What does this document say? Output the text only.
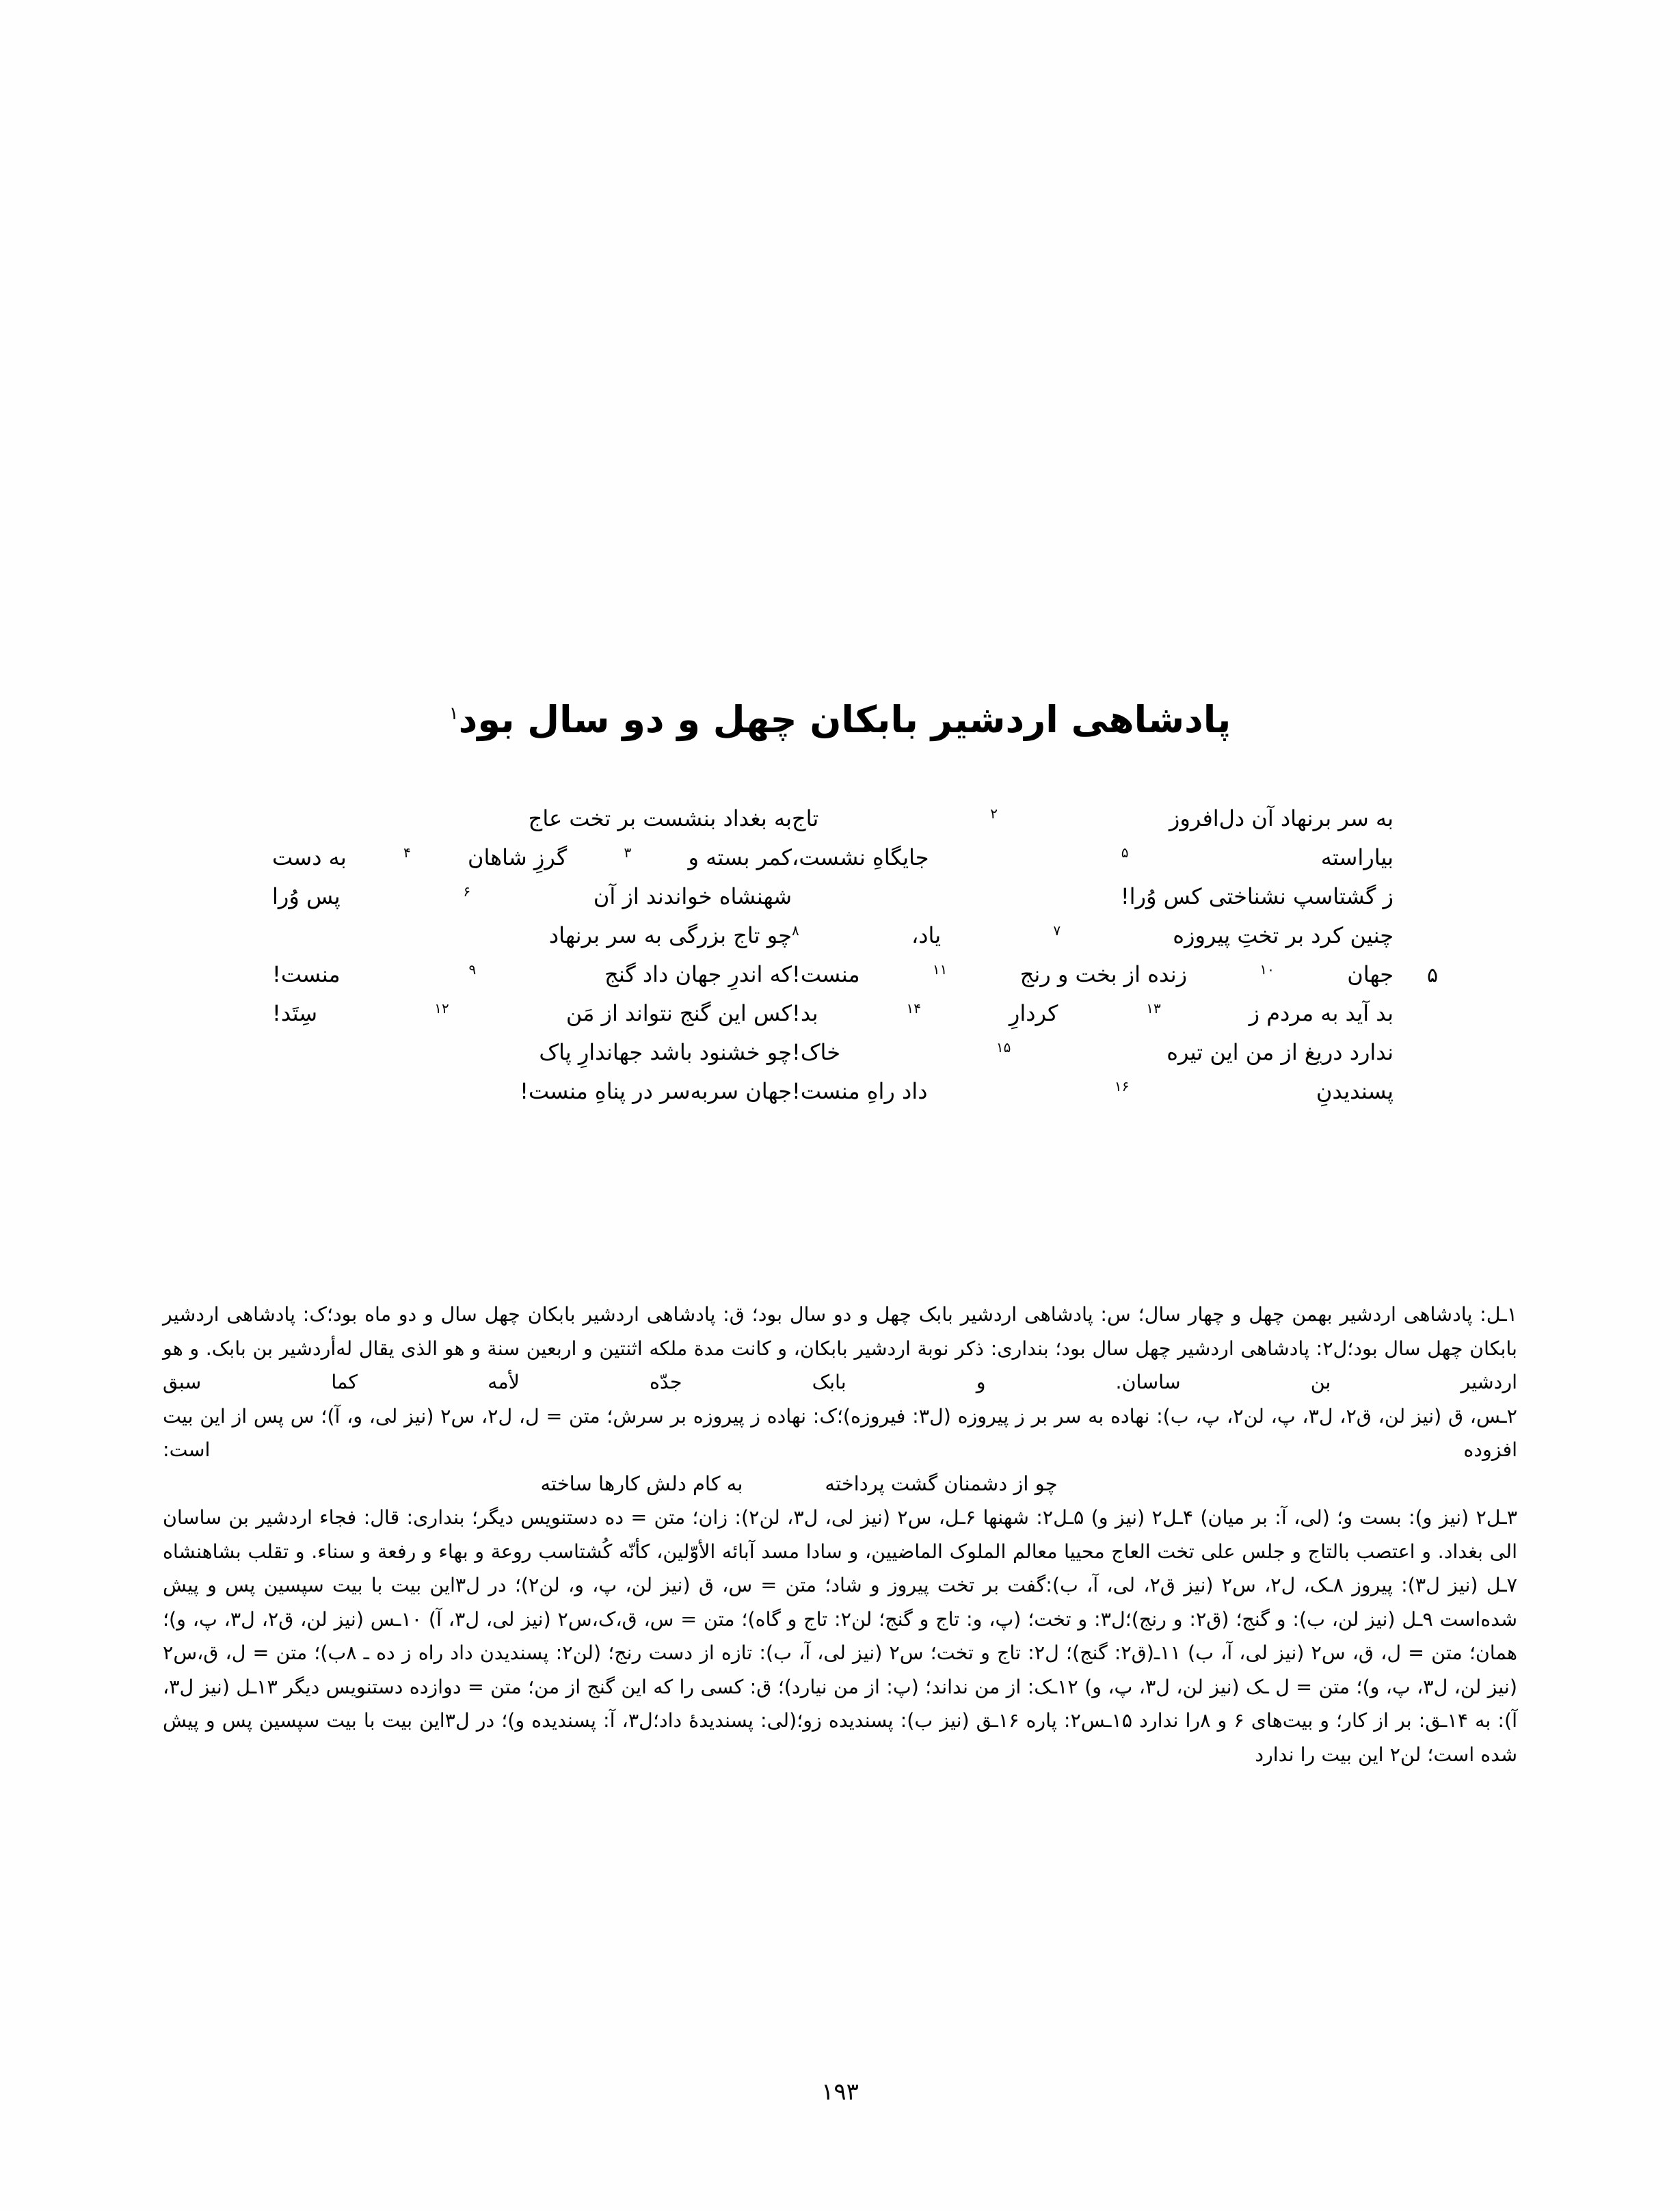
پادشاهی اردشیر بابکان چهل و دو سال بود$^۱$
به سر برنهاد آن دل‌افروز
۲
تاج
به بغداد بنشست بر تخت عاج
بیاراسته
۵
جایگاهِ نشست،
کمر بسته و
۳
گرزِ شاهان
۴
به دست
ز گشتاسپ نشناختی کس وُرا!
شهنشاه خواندند از آن
۶
پس وُرا
چنین کرد بر تختِ پیروزه
۷
یاد،
۸
چو تاج بزرگی به سر برنهاد
۵
جهان
۱۰
زنده از بخت و رنج
۱۱
منست!
که اندرِ جهان داد گنج
۹
منست!
بد آید به مردم ز
۱۳
کردارِ
۱۴
بد!
کس این گنج نتواند از مَن
۱۲
سِتَد!
ندارد دریغ از من این تیره
۱۵
خاک!
چو خشنود باشد جهاندارِ پاک
پسندیدنِ
۱۶
داد راهِ منست!
جهان سربه‌سر در پناهِ منست!

۱ـل: پادشاهی اردشیر بهمن چهل و چهار سال؛ س: پادشاهی اردشیر بابک چهل و دو سال بود؛ ق: پادشاهی اردشیر بابکان چهل سال و دو ماه بود؛ک: پادشاهی اردشیر بابکان چهل سال بود؛ل۲: پادشاهی اردشیر چهل سال بود؛ بنداری: ذکر نوبة اردشیر بابکان، و کانت مدة ملکه اثنتین و اربعین سنة و هو الذی یقال له‌أردشیر بن بابک. و هو اردشیر بن ساسان. و بابک جدّه لأمه کما سبق

۲ـس، ق (نیز لن، ق۲، ل۳، پ، لن۲، پ، ب): نهاده به سر بر ز پیروزه (ل۳: فیروزه)؛ک: نهاده ز پیروزه بر سرش؛ متن = ل، ل۲، س۲ (نیز لی، و، آ)؛ س پس از این بیت افزوده است:

چو از دشمنان گشت پرداخته
به کام دلش کارها ساخته

۳ـل۲ (نیز و): بست و؛ (لی، آ: بر میان) ۴ـل۲ (نیز و) ۵ـل۲: شهنها ۶ـل، س۲ (نیز لی، ل۳، لن۲): زان؛ متن = ده دستنویس دیگر؛ بنداری: قال: فجاء اردشیر بن ساسان الی بغداد. و اعتصب بالتاج و جلس علی تخت العاج محییا معالم الملوک الماضیین، و سادا مسد آبائه الأوّلین، کأنّه کُشتاسب روعة و بهاء و رفعة و سناء. و تقلب بشاهنشاه ۷ـل (نیز ل۳): پیروز ۸ـک، ل۲، س۲ (نیز ق۲، لی، آ، ب):گفت بر تخت پیروز و شاد؛ متن = س، ق (نیز لن، پ، و، لن۲)؛ در ل۳این بیت با بیت سپسین پس و پیش شده‌است ۹ـل (نیز لن، ب): و گنج؛ (ق۲: و رنج)؛ل۳: و تخت؛ (پ، و: تاج و گنج؛ لن۲: تاج و گاه)؛ متن = س، ق،ک،س۲ (نیز لی، ل۳، آ) ۱۰ـس (نیز لن، ق۲، ل۳، پ، و)؛ همان؛ متن = ل، ق، س۲ (نیز لی، آ، ب) ۱۱ـ(ق۲: گنج)؛ ل۲: تاج و تخت؛ س۲ (نیز لی، آ، ب): تازه از دست رنج؛ (لن۲: پسندیدن داد راه ز ده ـ ۸ب)؛ متن = ل، ق،س۲ (نیز لن، ل۳، پ، و)؛ متن = ل ـک (نیز لن، ل۳، پ، و) ۱۲ـک: از من نداند؛ (پ: از من نیارد)؛ ق: کسی را که این گنج از من؛ متن = دوازده دستنویس دیگر ۱۳ـل (نیز ل۳، آ): به ۱۴ـق: بر از کار؛ و بیت‌های ۶ و ۸را ندارد ۱۵ـس۲: پاره ۱۶ـق (نیز ب): پسندیده زو؛(لی: پسندیدهٔ داد؛ل۳، آ: پسندیده و)؛ در ل۳این بیت با بیت سپسین پس و پیش شده است؛ لن۲ این بیت را ندارد

۱۹۳
